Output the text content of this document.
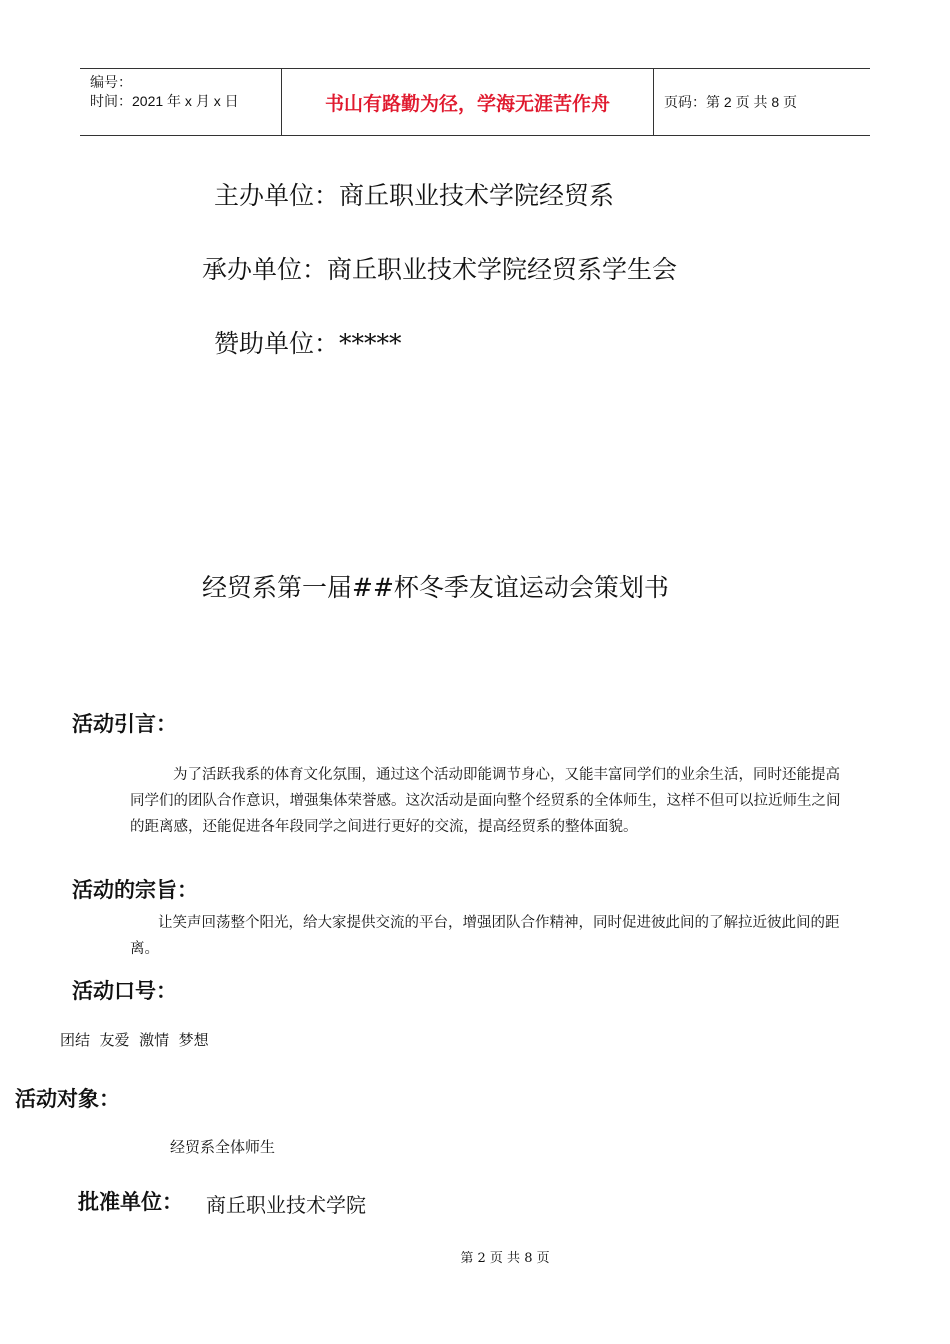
编号：
时间：2021 年 x 月 x 日	书山有路勤为径，学海无涯苦作舟	页码：第 2 页 共 8 页
主办单位：商丘职业技术学院经贸系
承办单位：商丘职业技术学院经贸系学生会
赞助单位：*****
经贸系第一届##杯冬季友谊运动会策划书
活动引言：
为了活跃我系的体育文化氛围，通过这个活动即能调节身心，又能丰富同学们的业余生活，同时还能提高同学们的团队合作意识，增强集体荣誉感。这次活动是面向整个经贸系的全体师生，这样不但可以拉近师生之间的距离感，还能促进各年段同学之间进行更好的交流，提高经贸系的整体面貌。
活动的宗旨：
让笑声回荡整个阳光，给大家提供交流的平台，增强团队合作精神，同时促进彼此间的了解拉近彼此间的距离。
活动口号：
团结  友爱  激情  梦想
活动对象：
经贸系全体师生
批准单位： 商丘职业技术学院
第 2 页 共 8 页
